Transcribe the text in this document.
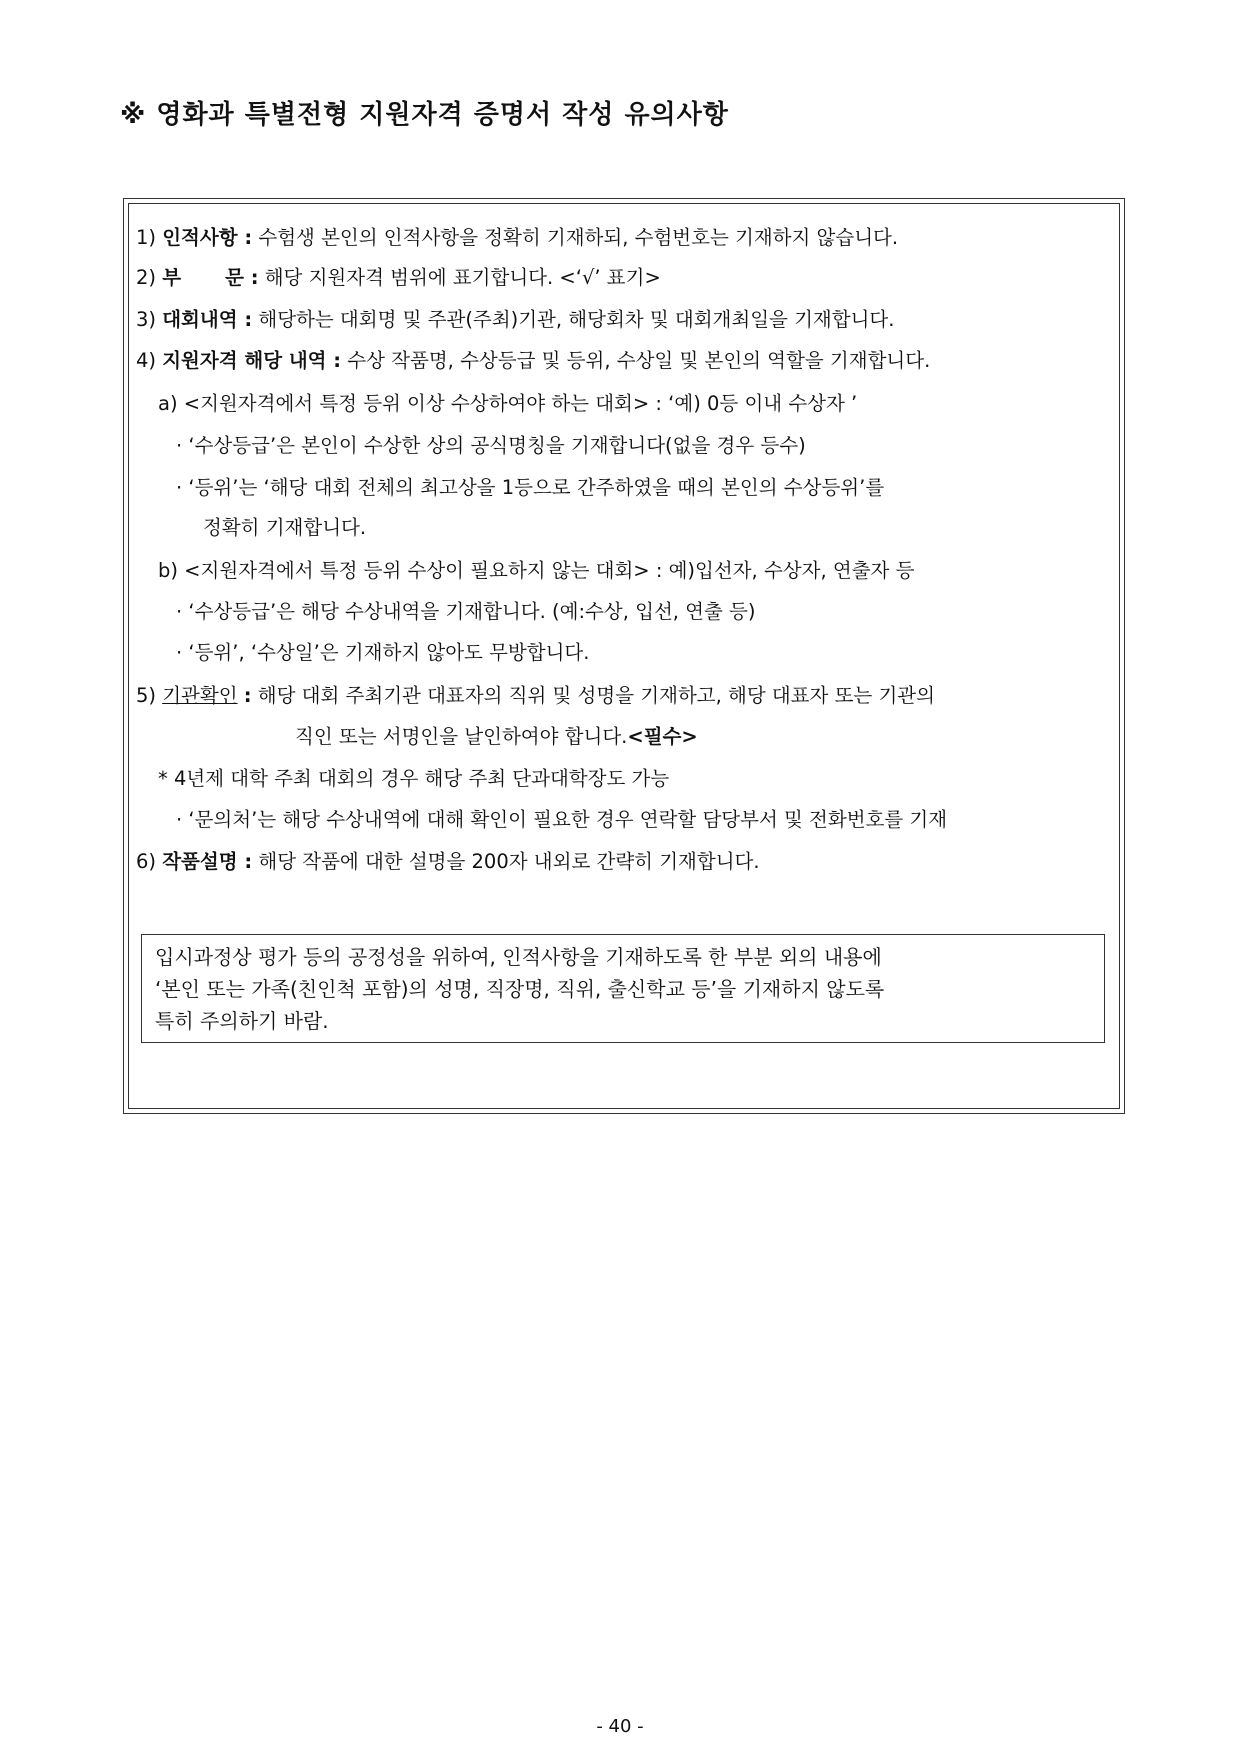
※ 영화과 특별전형 지원자격 증명서 작성 유의사항
1) 인적사항 : 수험생 본인의 인적사항을 정확히 기재하되, 수험번호는 기재하지 않습니다.
2) 부 문 : 해당 지원자격 범위에 표기합니다. <‘√’ 표기>
3) 대회내역 : 해당하는 대회명 및 주관(주최)기관, 해당회차 및 대회개최일을 기재합니다.
4) 지원자격 해당 내역 : 수상 작품명, 수상등급 및 등위, 수상일 및 본인의 역할을 기재합니다.
a) <지원자격에서 특정 등위 이상 수상하여야 하는 대회> : ‘예) 0등 이내 수상자 ’
· ‘수상등급’은 본인이 수상한 상의 공식명칭을 기재합니다(없을 경우 등수)
· ‘등위’는 ‘해당 대회 전체의 최고상을 1등으로 간주하였을 때의 본인의 수상등위’를
정확히 기재합니다.
b) <지원자격에서 특정 등위 수상이 필요하지 않는 대회> : 예)입선자, 수상자, 연출자 등
· ‘수상등급’은 해당 수상내역을 기재합니다. (예:수상, 입선, 연출 등)
· ‘등위’, ‘수상일’은 기재하지 않아도 무방합니다.
5) 기관확인 : 해당 대회 주최기관 대표자의 직위 및 성명을 기재하고, 해당 대표자 또는 기관의
직인 또는 서명인을 날인하여야 합니다.<필수>
* 4년제 대학 주최 대회의 경우 해당 주최 단과대학장도 가능
· ‘문의처’는 해당 수상내역에 대해 확인이 필요한 경우 연락할 담당부서 및 전화번호를 기재
6) 작품설명 : 해당 작품에 대한 설명을 200자 내외로 간략히 기재합니다.
입시과정상 평가 등의 공정성을 위하여, 인적사항을 기재하도록 한 부분 외의 내용에
‘본인 또는 가족(친인척 포함)의 성명, 직장명, 직위, 출신학교 등’을 기재하지 않도록
특히 주의하기 바람.
- 40 -
